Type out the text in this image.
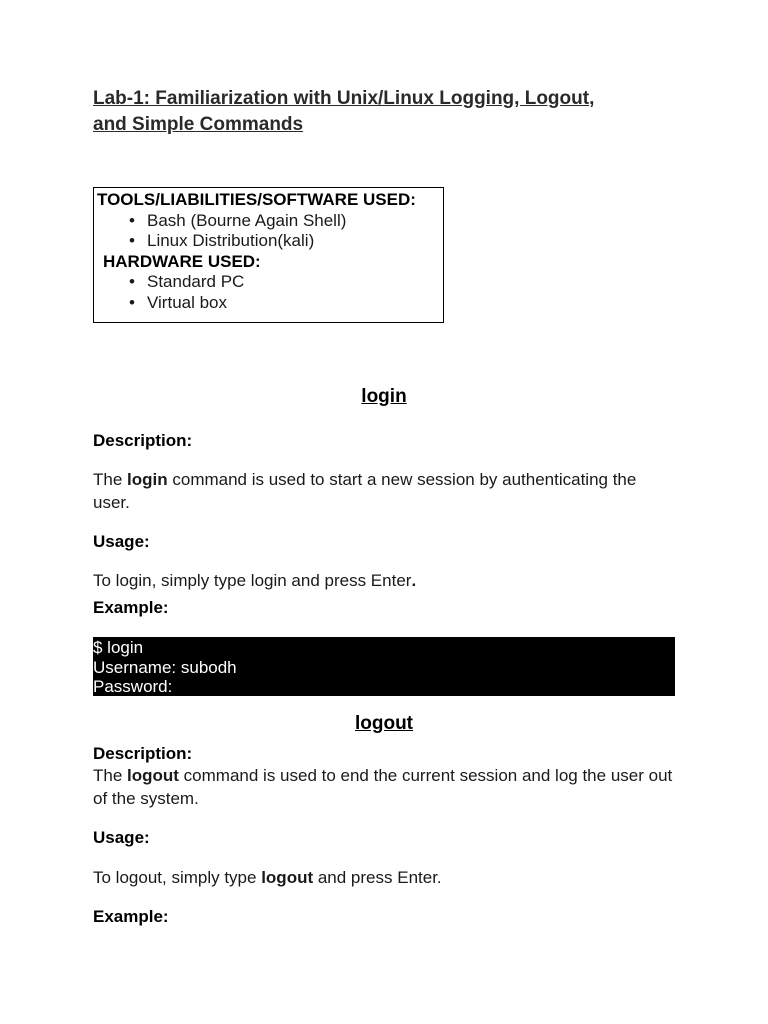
Lab-1: Familiarization with Unix/Linux Logging, Logout,
and Simple Commands
TOOLS/LIABILITIES/SOFTWARE USED:
• Bash (Bourne Again Shell)
• Linux Distribution(kali)
HARDWARE USED:
• Standard PC
• Virtual box
login

Description:

The login command is used to start a new session by authenticating the user.

Usage:

To login, simply type login and press Enter.

Example:

$ login
Username: subodh
Password:
logout

Description:

The logout command is used to end the current session and log the user out of the system.

Usage:

To logout, simply type logout and press Enter.

Example:
